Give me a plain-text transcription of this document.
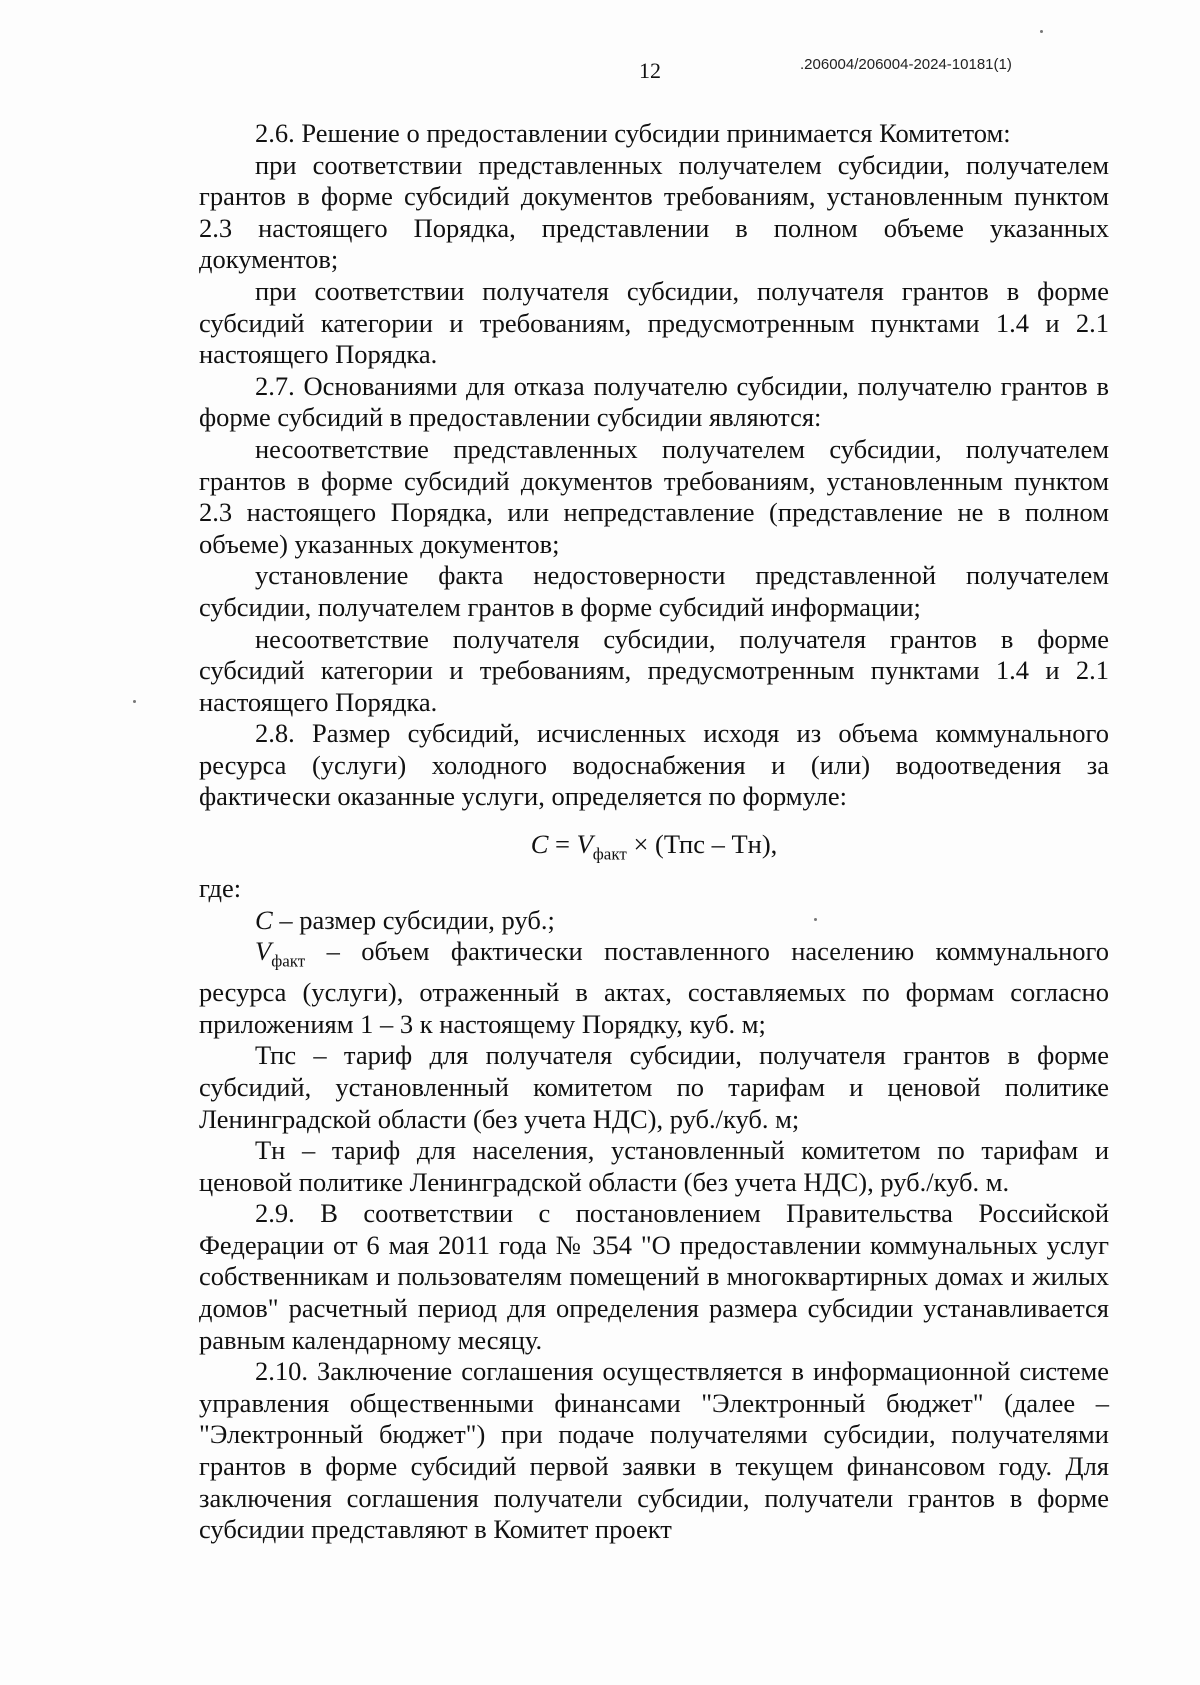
12	.206004/206004-2024-10181(1)

2.6. Решение о предоставлении субсидии принимается Комитетом:

при соответствии представленных получателем субсидии, получателем грантов в форме субсидий документов требованиям, установленным пунктом 2.3 настоящего Порядка, представлении в полном объеме указанных документов;

при соответствии получателя субсидии, получателя грантов в форме субсидий категории и требованиям, предусмотренным пунктами 1.4 и 2.1 настоящего Порядка.

2.7. Основаниями для отказа получателю субсидии, получателю грантов в форме субсидий в предоставлении субсидии являются:

несоответствие представленных получателем субсидии, получателем грантов в форме субсидий документов требованиям, установленным пунктом 2.3 настоящего Порядка, или непредставление (представление не в полном объеме) указанных документов;

установление факта недостоверности представленной получателем субсидии, получателем грантов в форме субсидий информации;

несоответствие получателя субсидии, получателя грантов в форме субсидий категории и требованиям, предусмотренным пунктами 1.4 и 2.1 настоящего Порядка.

2.8. Размер субсидий, исчисленных исходя из объема коммунального ресурса (услуги) холодного водоснабжения и (или) водоотведения за фактически оказанные услуги, определяется по формуле:

$C = V_{факт} \times (Тпс - Тн)$,

где:

C – размер субсидии, руб.;

$V_{факт}$ – объем фактически поставленного населению коммунального ресурса (услуги), отраженный в актах, составляемых по формам согласно приложениям 1 – 3 к настоящему Порядку, куб. м;

Тпс – тариф для получателя субсидии, получателя грантов в форме субсидий, установленный комитетом по тарифам и ценовой политике Ленинградской области (без учета НДС), руб./куб. м;

Тн – тариф для населения, установленный комитетом по тарифам и ценовой политике Ленинградской области (без учета НДС), руб./куб. м.

2.9. В соответствии с постановлением Правительства Российской Федерации от 6 мая 2011 года № 354 "О предоставлении коммунальных услуг собственникам и пользователям помещений в многоквартирных домах и жилых домов" расчетный период для определения размера субсидии устанавливается равным календарному месяцу.

2.10. Заключение соглашения осуществляется в информационной системе управления общественными финансами "Электронный бюджет" (далее – "Электронный бюджет") при подаче получателями субсидии, получателями грантов в форме субсидий первой заявки в текущем финансовом году. Для заключения соглашения получатели субсидии, получатели грантов в форме субсидии представляют в Комитет проект
